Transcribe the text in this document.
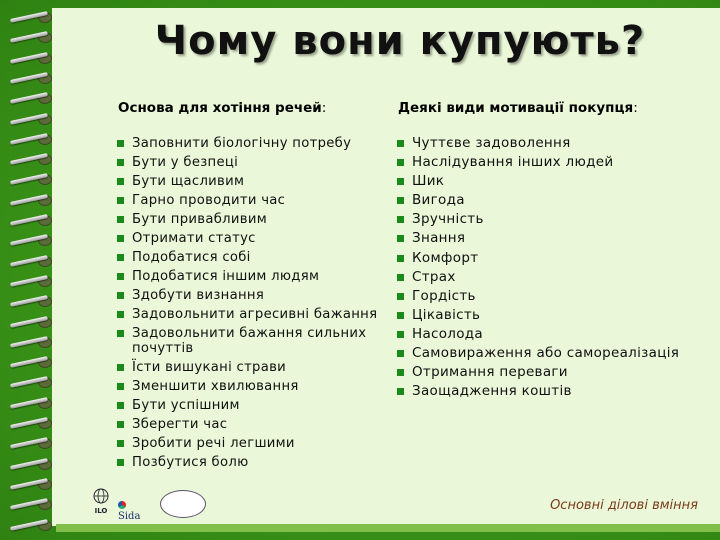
Чому вони купують?
Основа для хотіння речей:
Заповнити біологічну потребу
Бути у безпеці
Бути щасливим
Гарно проводити час
Бути привабливим
Отримати статус
Подобатися собі
Подобатися іншим людям
Здобути визнання
Задовольнити агресивні бажання
Задовольнити бажання сильних почуттів
Їсти вишукані страви
Зменшити хвилювання
Бути успішним
Зберегти час
Зробити речі легшими
Позбутися болю
Деякі види мотивації покупця:
Чуттєве задоволення
Наслідування інших людей
Шик
Вигода
Зручність
Знання
Комфорт
Страх
Гордість
Цікавість
Насолода
Самовираження або самореалізація
Отримання переваги
Заощадження коштів
ILO	Sida
Основні ділові вміння
